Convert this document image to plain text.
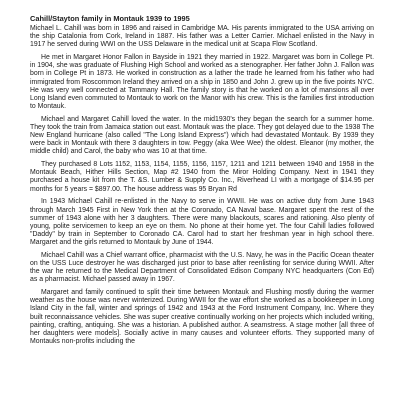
Cahill/Stayton family in Montauk 1939 to 1995

Michael L. Cahill was born in 1896 and raised in Cambridge MA. His parents immigrated to the USA arriving on the ship Catalonia from Cork, Ireland in 1887. His father was a Letter Carrier. Michael enlisted in the Navy in 1917 he served during WWI on the USS Delaware in the medical unit at Scapa Flow Scotland.

He met in Margaret Honor Fallon in Bayside in 1921 they married in 1922. Margaret was born in College Pt. in 1904, she was graduate of Flushing High School and worked as a stenographer. Her father John J. Fallon was born in College Pt in 1873. He worked in construction as a lather the trade he learned from his father who had immigrated from Roscommon Ireland they arrived on a ship in 1850 and John J. grew up in the five points NYC. He was very well connected at Tammany Hall. The family story is that he worked on a lot of mansions all over Long Island even commuted to Montauk to work on the Manor with his crew. This is the families first introduction to Montauk.

Michael and Margaret Cahill loved the water. In the mid1930's they began the search for a summer home. They took the train from Jamaica station out east. Montauk was the place. They got delayed due to the 1938 The New England hurricane (also called "The Long Island Express") which had devastated Montauk. By 1939 they were back in Montauk with there 3 daughters in tow. Peggy (aka Wee Wee) the oldest. Eleanor (my mother, the middle child) and Carol, the baby who was 10 at that time.

They purchased 8 Lots 1152, 1153, 1154, 1155, 1156, 1157, 1211 and 1211 between 1940 and 1958 in the Montauk Beach, Hither Hills Section, Map #2 1940 from the Miror Holding Company. Next in 1941 they purchased a house kit from the T. &S. Lumber & Supply Co. Inc., Riverhead LI with a mortgage of $14.95 per months for 5 years = $897.00. The house address was 95 Bryan Rd

In 1943 Michael Cahill re-enlisted in the Navy to serve in WWII. He was on active duty from June 1943 through March 1945 First in New York then at the Coronado, CA Naval base. Margaret spent the rest of the summer of 1943 alone with her 3 daughters. There were many blackouts, scares and rationing. Also plenty of young, polite servicemen to keep an eye on them. No phone at their home yet. The four Cahill ladies followed "Daddy" by train in September to Coronado CA. Carol had to start her freshman year in high school there. Margaret and the girls returned to Montauk by June of 1944.

Michael Cahill was a Chief warrant office, pharmacist with the U.S. Navy, he was in the Pacific Ocean theater on the USS Luce destroyer he was discharged just prior to base after reenlisting for service during WWII. After the war he returned to the Medical Department of Consolidated Edison Company NYC headquarters (Con Ed) as a pharmacist. Michael passed away in 1967.

Margaret and family continued to split their time between Montauk and Flushing mostly during the warmer weather as the house was never winterized. During WWII for the war effort she worked as a bookkeeper in Long Island City in the fall, winter and springs of 1942 and 1943 at the Ford Instrument Company, Inc. Where they built reconnaissance vehicles. She was super creative continually working on her projects which included writing, painting, crafting, antiquing. She was a historian. A published author. A seamstress. A stage mother [all three of her daughters were models]. Socially active in many causes and volunteer efforts. They supported many of Montauks non-profits including the
